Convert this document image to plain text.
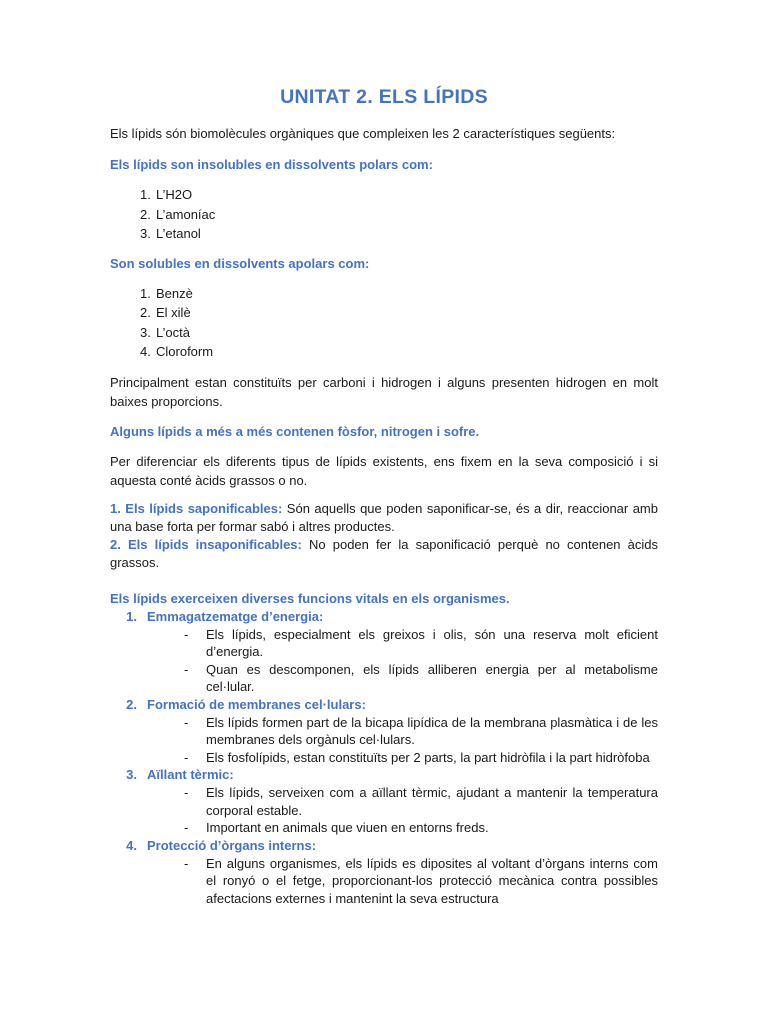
UNITAT 2. ELS LÍPIDS

Els lípids són biomolècules orgàniques que compleixen les 2 característiques següents:

Els lípids son insolubles en dissolvents polars com:

1. L’H2O
2. L’amoníac
3. L’etanol

Son solubles en dissolvents apolars com:

1. Benzè
2. El xilè
3. L’octà
4. Cloroform

Principalment estan constituïts per carboni i hidrogen i alguns presenten hidrogen en molt baixes proporcions.

Alguns lípids a més a més contenen fòsfor, nitrogen i sofre.

Per diferenciar els diferents tipus de lípids existents, ens fixem en la seva composició i si aquesta conté àcids grassos o no.

1. Els lípids saponificables: Són aquells que poden saponificar-se, és a dir, reaccionar amb una base forta per formar sabó i altres productes.

2. Els lípids insaponificables: No poden fer la saponificació perquè no contenen àcids grassos.

Els lípids exerceixen diverses funcions vitals en els organismes.

1. Emmagatzematge d’energia:
-	Els lípids, especialment els greixos i olis, són una reserva molt eficient d’energia.
-	Quan es descomponen, els lípids alliberen energia per al metabolisme cel·lular.
2. Formació de membranes cel·lulars:
-	Els lípids formen part de la bicapa lipídica de la membrana plasmàtica i de les membranes dels orgànuls cel·lulars.
-	Els fosfolípids, estan constituïts per 2 parts, la part hidròfila i la part hidròfoba
3. Aïllant tèrmic:
-	Els lípids, serveixen com a aïllant tèrmic, ajudant a mantenir la temperatura corporal estable.
-	Important en animals que viuen en entorns freds.
4. Protecció d’òrgans interns:
-	En alguns organismes, els lípids es diposites al voltant d’òrgans interns com el ronyó o el fetge, proporcionant-los protecció mecànica contra possibles afectacions externes i mantenint la seva estructura
